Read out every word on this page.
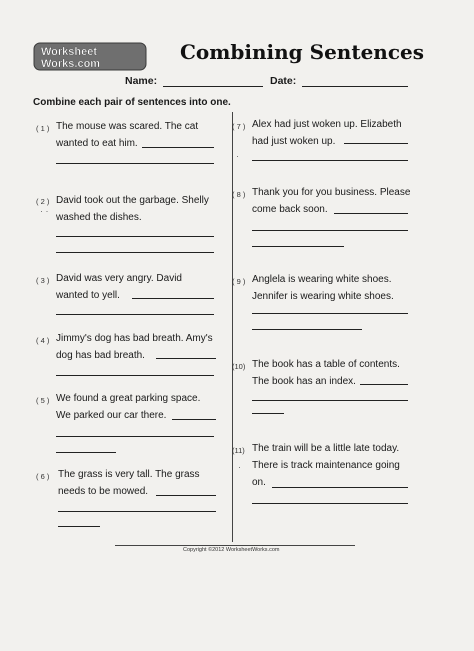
Worksheet
Works.com	Combining Sentences
Name:	Date:
Combine each pair of sentences into one.
( 1 ) The mouse was scared. The cat
wanted to eat him.
· ·
( 2 ) David took out the garbage. Shelly
washed the dishes.
( 3 ) David was very angry. David
wanted to yell.
( 4 ) Jimmy's dog has bad breath. Amy's
dog has bad breath.
( 5 ) We found a great parking space.
We parked our car there.
( 6 ) The grass is very tall. The grass
needs to be mowed.
( 7 ) Alex had just woken up. Elizabeth
had just woken up.
·
( 8 ) Thank you for you business. Please
come back soon.
( 9 ) Anglela is wearing white shoes.
Jennifer is wearing white shoes.
(10) The book has a table of contents.
The book has an index.
(11)
·
The train will be a little late today.
There is track maintenance going
on.
Copyright ©2012 WorksheetWorks.com
